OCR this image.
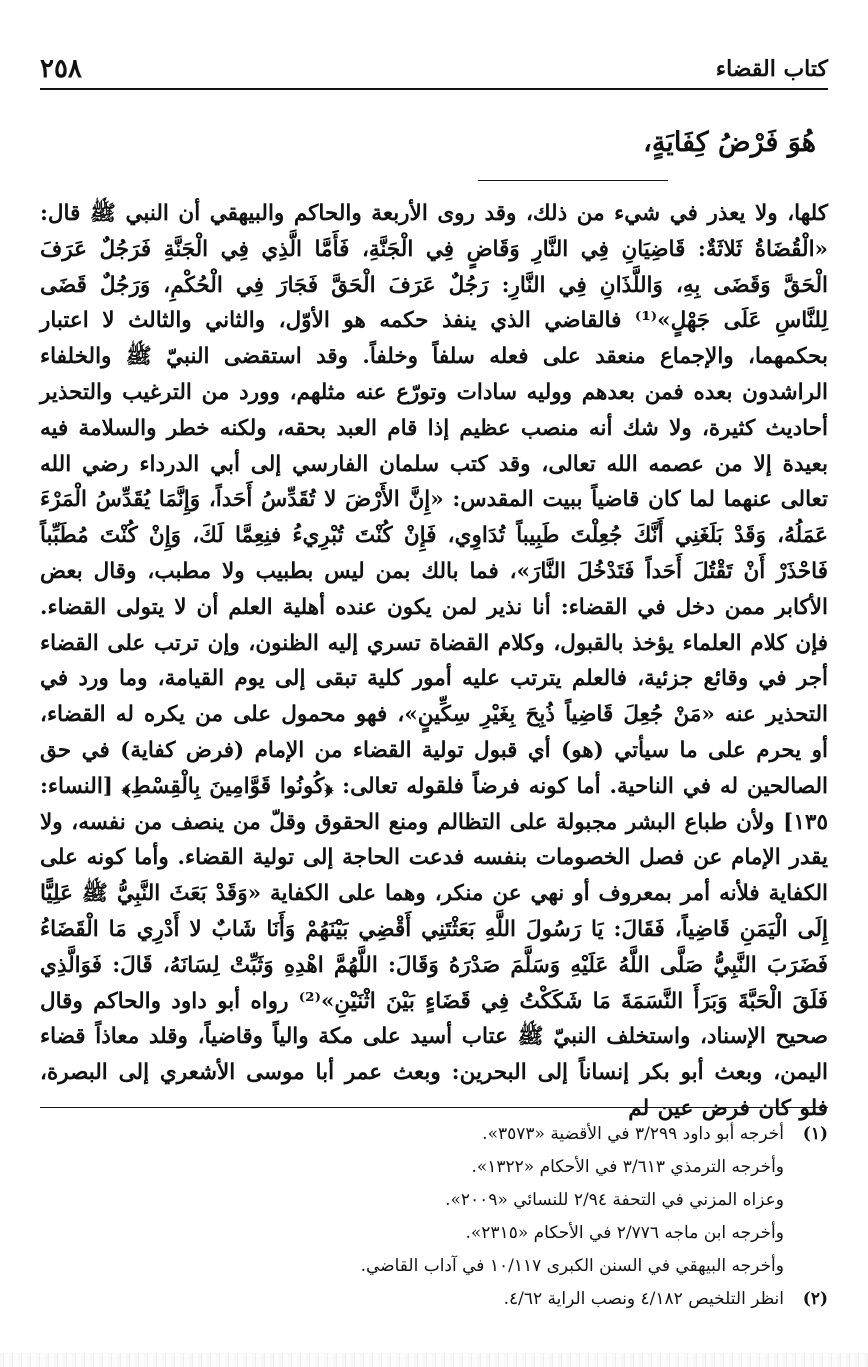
كتاب القضاء
٢٥٨
هُوَ فَرْضُ كِفَايَةٍ،

كلها، ولا يعذر في شيء من ذلك، وقد روى الأربعة والحاكم والبيهقي أن النبي ﷺ قال: «الْقُضَاةُ ثَلاثَةٌ: قَاضِيَانِ فِي النَّارِ وَقَاضٍ فِي الْجَنَّةِ، فَأَمَّا الَّذِي فِي الْجَنَّةِ فَرَجُلٌ عَرَفَ الْحَقَّ وَقَضَى بِهِ، وَاللَّذَانِ فِي النَّارِ: رَجُلٌ عَرَفَ الْحَقَّ فَجَارَ فِي الْحُكْمِ، وَرَجُلٌ قَضَى لِلنَّاسِ عَلَى جَهْلٍ»⁽¹⁾ فالقاضي الذي ينفذ حكمه هو الأوّل، والثاني والثالث لا اعتبار بحكمهما، والإجماع منعقد على فعله سلفاً وخلفاً. وقد استقضى النبيّ ﷺ والخلفاء الراشدون بعده فمن بعدهم ووليه سادات وتورّع عنه مثلهم، وورد من الترغيب والتحذير أحاديث كثيرة، ولا شك أنه منصب عظيم إذا قام العبد بحقه، ولكنه خطر والسلامة فيه بعيدة إلا من عصمه الله تعالى، وقد كتب سلمان الفارسي إلى أبي الدرداء رضي الله تعالى عنهما لما كان قاضياً ببيت المقدس: «إِنَّ الأَرْضَ لا تُقَدِّسُ أَحَداً، وَإِنَّمَا يُقَدِّسُ الْمَرْءَ عَمَلُهُ، وَقَدْ بَلَغَنِي أَنَّكَ جُعِلْتَ طَبِيباً تُدَاوِي، فَإِنْ كُنْتَ تُبْرِيءُ فنِعِمَّا لَكَ، وَإِنْ كُنْتَ مُطَبِّباً فَاحْذَرْ أَنْ تَقْتُلَ أَحَداً فَتَدْخُلَ النَّارَ»، فما بالك بمن ليس بطبيب ولا مطبب، وقال بعض الأكابر ممن دخل في القضاء: أنا نذير لمن يكون عنده أهلية العلم أن لا يتولى القضاء. فإن كلام العلماء يؤخذ بالقبول، وكلام القضاة تسري إليه الظنون، وإن ترتب على القضاء أجر في وقائع جزئية، فالعلم يترتب عليه أمور كلية تبقى إلى يوم القيامة، وما ورد في التحذير عنه «مَنْ جُعِلَ قَاضِياً ذُبِحَ بِغَيْرِ سِكِّينٍ»، فهو محمول على من يكره له القضاء، أو يحرم على ما سيأتي (هو) أي قبول تولية القضاء من الإمام (فرض كفاية) في حق الصالحين له في الناحية. أما كونه فرضاً فلقوله تعالى: ﴿كُونُوا قَوَّامِينَ بِالْقِسْطِ﴾ [النساء: ١٣٥] ولأن طباع البشر مجبولة على التظالم ومنع الحقوق وقلّ من ينصف من نفسه، ولا يقدر الإمام عن فصل الخصومات بنفسه فدعت الحاجة إلى تولية القضاء. وأما كونه على الكفاية فلأنه أمر بمعروف أو نهي عن منكر، وهما على الكفاية «وَقَدْ بَعَثَ النَّبِيُّ ﷺ عَلِيًّا إِلَى الْيَمَنِ قَاضِياً، فَقَالَ: يَا رَسُولَ اللَّهِ بَعَثْتَنِي أَقْضِي بَيْنَهُمْ وَأَنَا شَابٌ لا أَدْرِي مَا الْقَضَاءُ فَضَرَبَ النَّبِيُّ صَلَّى اللَّهُ عَلَيْهِ وَسَلَّمَ صَدْرَهُ وَقَالَ: اللَّهُمَّ اهْدِهِ وَثَبِّتْ لِسَانَهُ، قَالَ: فَوَالَّذِي فَلَقَ الْحَبَّةَ وَبَرَأَ النَّسَمَةَ مَا شَكَكْتُ فِي قَضَاءٍ بَيْنَ اثْنَيْنِ»⁽²⁾ رواه أبو داود والحاكم وقال صحيح الإسناد، واستخلف النبيّ ﷺ عتاب أسيد على مكة والياً وقاضياً، وقلد معاذاً قضاء اليمن، وبعث أبو بكر إنساناً إلى البحرين: وبعث عمر أبا موسى الأشعري إلى البصرة، فلو كان فرض عين لم

(١)
أخرجه أبو داود ٣/٢٩٩ في الأقضية «٣٥٧٣».
وأخرجه الترمذي ٣/٦١٣ في الأحكام «١٣٢٢».
وعزاه المزني في التحفة ٢/٩٤ للنسائي «٢٠٠٩».
وأخرجه ابن ماجه ٢/٧٧٦ في الأحكام «٢٣١٥».
وأخرجه البيهقي في السنن الكبرى ١٠/١١٧ في آداب القاضي.
(٢)
انظر التلخيص ٤/١٨٢ ونصب الراية ٤/٦٢.
